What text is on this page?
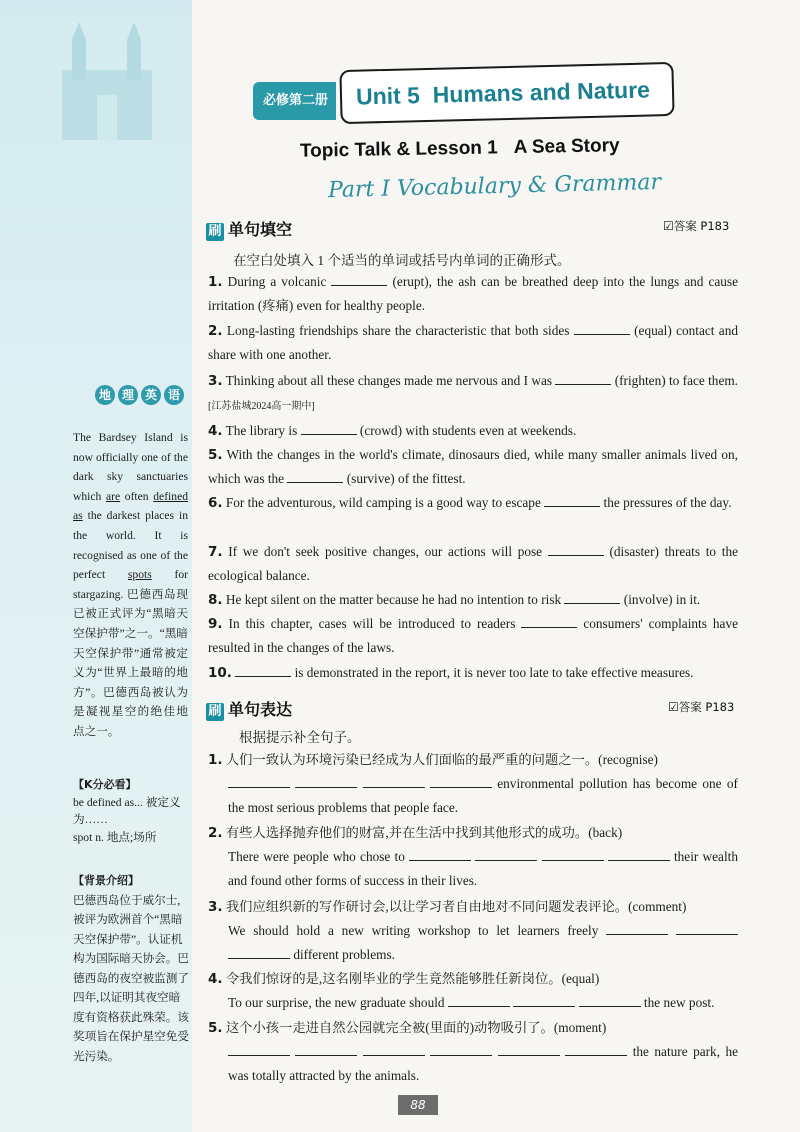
地 理 英 语
The Bardsey Island is now officially one of the dark sky sanctuaries which are often defined as the darkest places in the world. It is recognised as one of the perfect spots for stargazing. 巴德西岛现已被正式评为“黑暗天空保护带”之一。“黑暗天空保护带”通常被定义为“世界上最暗的地方”。巴德西岛被认为是凝视星空的绝佳地点之一。
【K分必看】
be defined as... 被定义为……
spot n. 地点;场所
【背景介绍】
巴德西岛位于威尔士,被评为欧洲首个“黑暗天空保护带”。认证机构为国际暗天协会。巴德西岛的夜空被监测了四年,以证明其夜空暗度有资格获此殊荣。该奖项旨在保护星空免受光污染。
必修第二册	Unit 5 Humans and Nature
Topic Talk & Lesson 1 A Sea Story
Part I Vocabulary & Grammar
刷 单句填空	☑答案 P183
在空白处填入 1 个适当的单词或括号内单词的正确形式。
1. During a volcanic	(erupt), the ash can be breathed deep into the lungs and cause irritation (疼痛) even for healthy people.
2. Long-lasting friendships share the characteristic that both sides	(equal) contact and share with one another.
3. Thinking about all these changes made me nervous and I was	(frighten) to face them. [江苏盐城2024高一期中]
4. The library is	(crowd) with students even at weekends.
5. With the changes in the world's climate, dinosaurs died, while many smaller animals lived on, which was the	(survive) of the fittest.
6. For the adventurous, wild camping is a good way to escape	the pressures of the day.
7. If we don't seek positive changes, our actions will pose	(disaster) threats to the ecological balance.
8. He kept silent on the matter because he had no intention to risk	(involve) in it.
9. In this chapter, cases will be introduced to readers	consumers' complaints have resulted in the changes of the laws.
10.	is demonstrated in the report, it is never too late to take effective measures.
刷 单句表达	☑答案 P183
根据提示补全句子。
1. 人们一致认为环境污染已经成为人们面临的最严重的问题之一。(recognise)
environmental pollution has become one of the most serious problems that people face.
2. 有些人选择抛弃他们的财富,并在生活中找到其他形式的成功。(back)
There were people who chose to	their wealth and found other forms of success in their lives.
3. 我们应组织新的写作研讨会,以让学习者自由地对不同问题发表评论。(comment)
We should hold a new writing workshop to let learners freely    different problems.
4. 令我们惊讶的是,这名刚毕业的学生竟然能够胜任新岗位。(equal)
To our surprise, the new graduate should	the new post.
5. 这个小孩一走进自然公园就完全被(里面的)动物吸引了。(moment)
the nature park, he was totally attracted by the animals.
88
